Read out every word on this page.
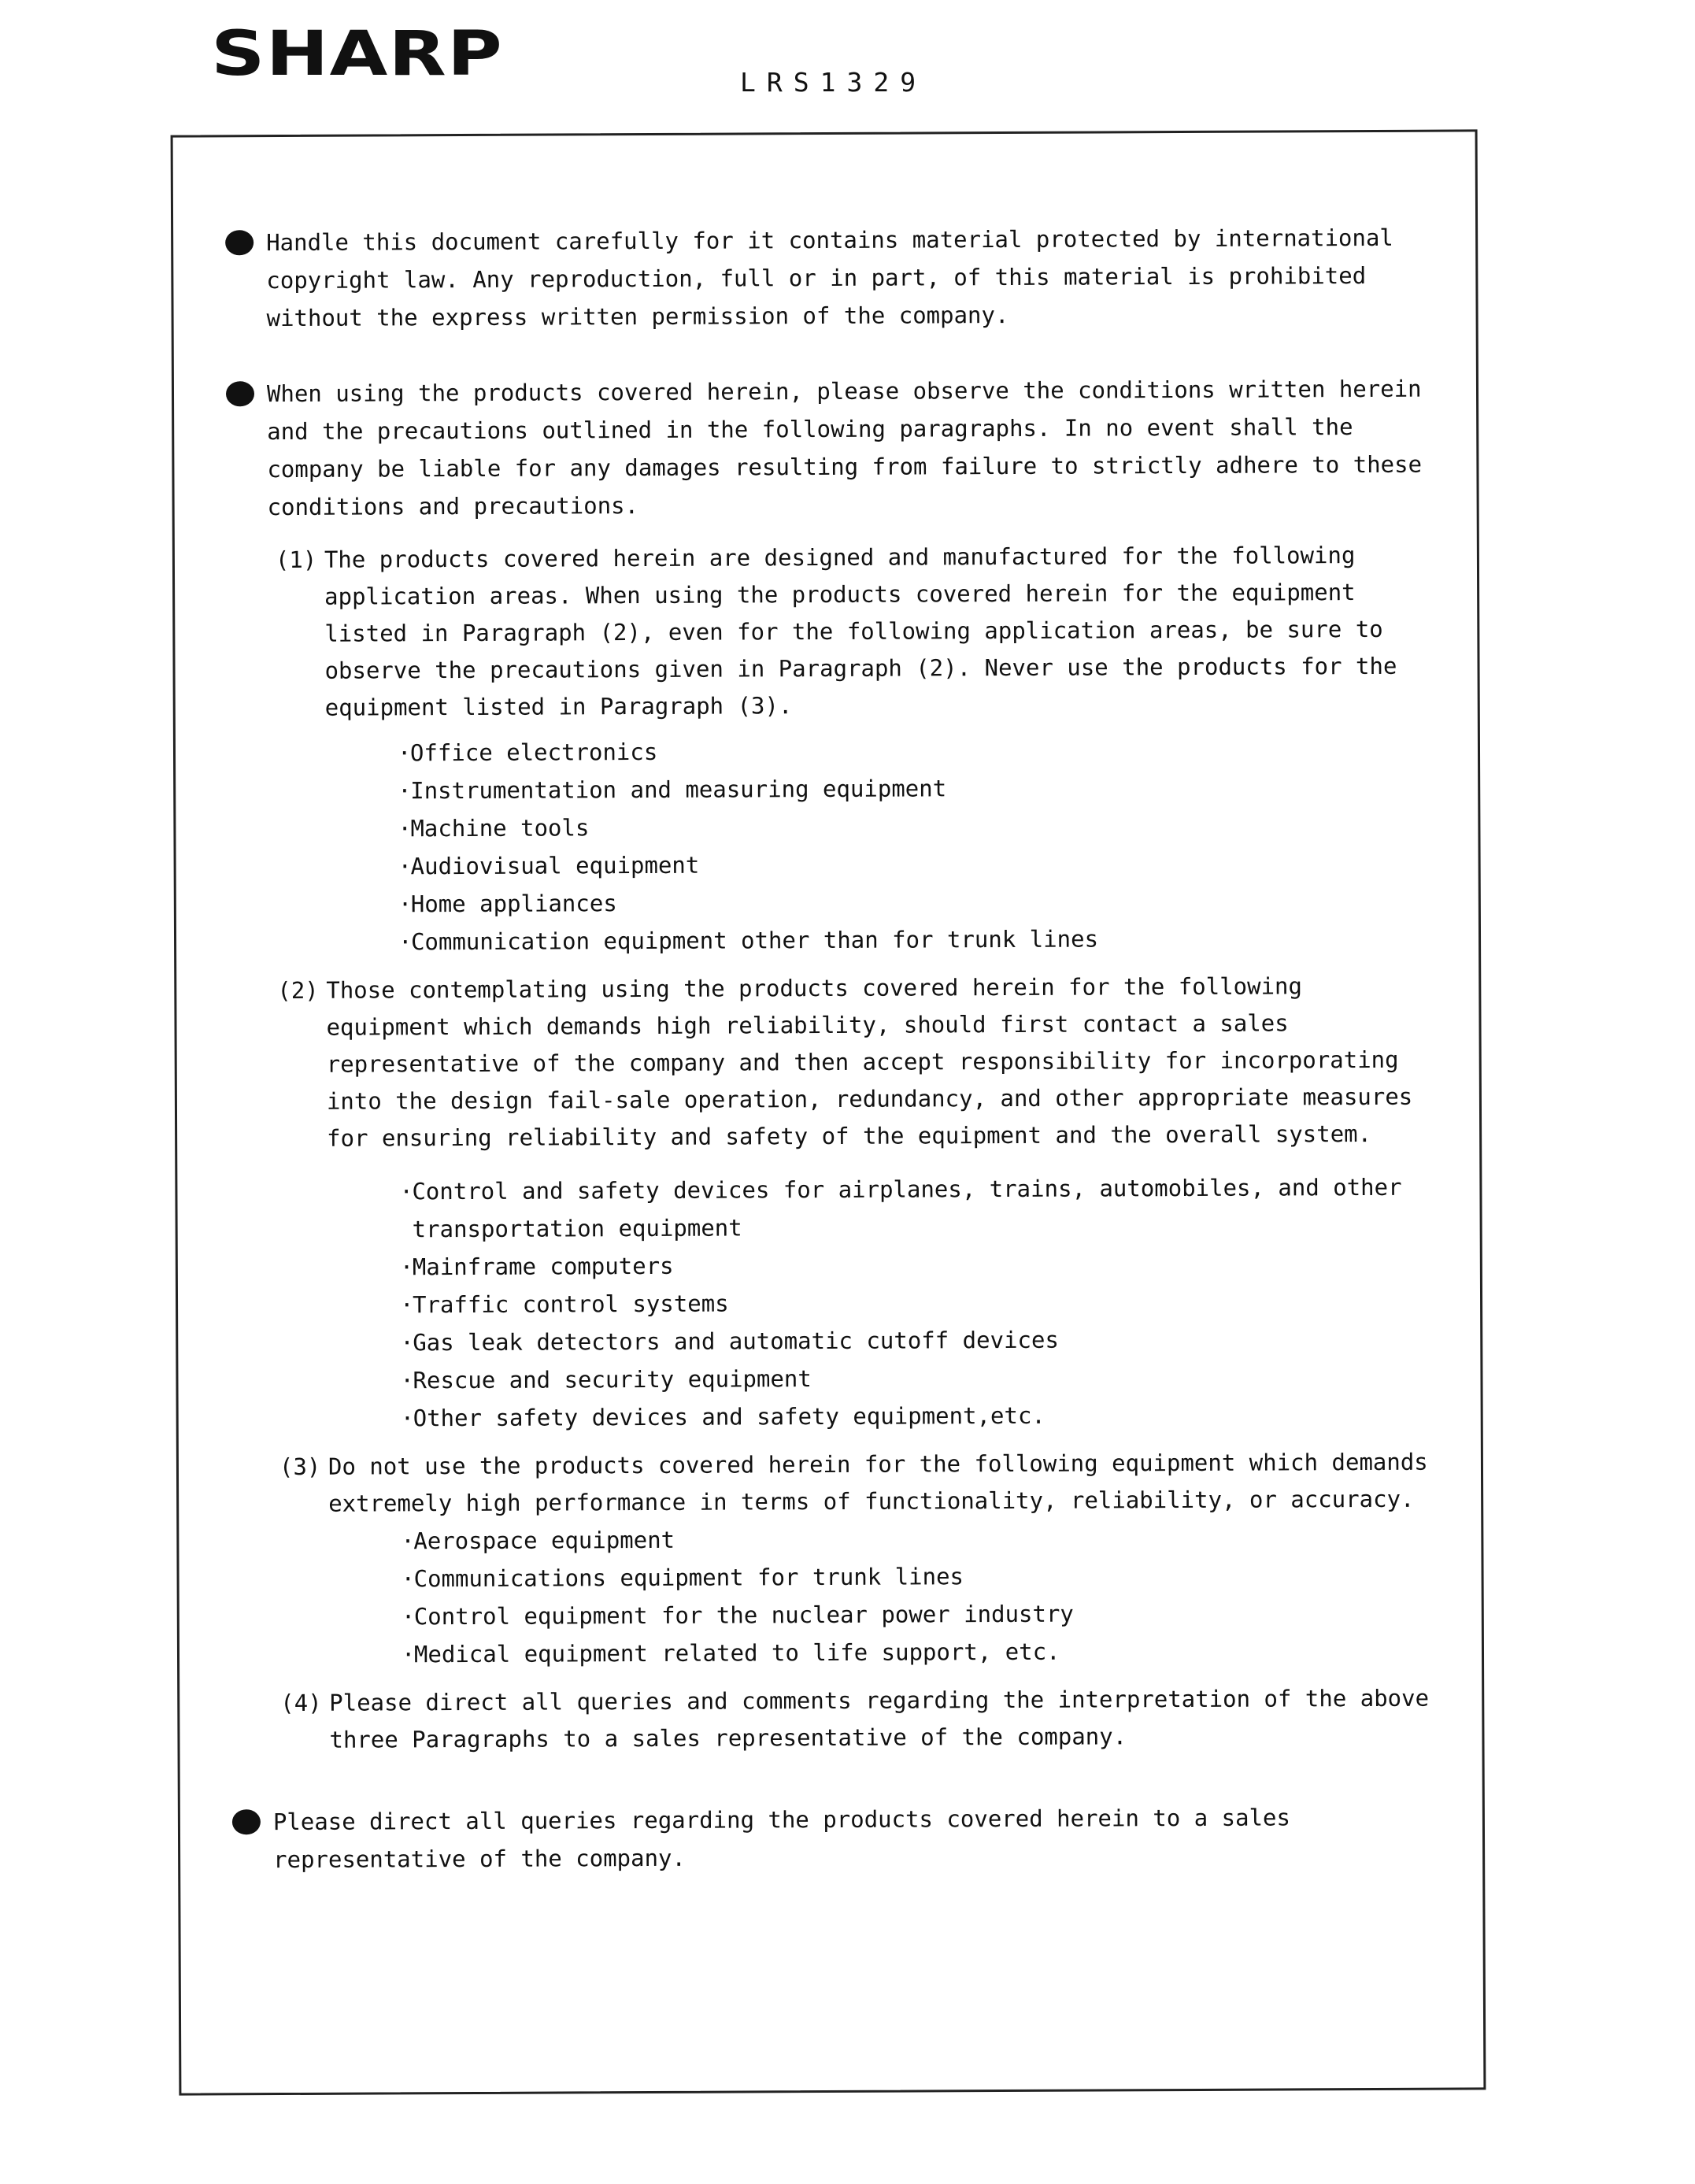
SHARP	LRS1329

Handle this document carefully for it contains material protected by international copyright law. Any reproduction, full or in part, of this material is prohibited without the express written permission of the company.

When using the products covered herein, please observe the conditions written herein and the precautions outlined in the following paragraphs. In no event shall the company be liable for any damages resulting from failure to strictly adhere to these conditions and precautions.

(1) The products covered herein are designed and manufactured for the following application areas. When using the products covered herein for the equipment listed in Paragraph (2), even for the following application areas, be sure to observe the precautions given in Paragraph (2). Never use the products for the equipment listed in Paragraph (3).

· Office electronics
· Instrumentation and measuring equipment
· Machine tools
· Audiovisual equipment
· Home appliances
· Communication equipment other than for trunk lines
(2) Those contemplating using the products covered herein for the following equipment which demands high reliability, should first contact a sales representative of the company and then accept responsibility for incorporating into the design fail-sale operation, redundancy, and other appropriate measures for ensuring reliability and safety of the equipment and the overall system.

· Control and safety devices for airplanes, trains, automobiles, and other transportation equipment
· Mainframe computers
· Traffic control systems
· Gas leak detectors and automatic cutoff devices
· Rescue and security equipment
· Other safety devices and safety equipment,etc.
(3) Do not use the products covered herein for the following equipment which demands extremely high performance in terms of functionality, reliability, or accuracy.

· Aerospace equipment
· Communications equipment for trunk lines
· Control equipment for the nuclear power industry
· Medical equipment related to life support, etc.
(4) Please direct all queries and comments regarding the interpretation of the above three Paragraphs to a sales representative of the company.

Please direct all queries regarding the products covered herein to a sales representative of the company.
